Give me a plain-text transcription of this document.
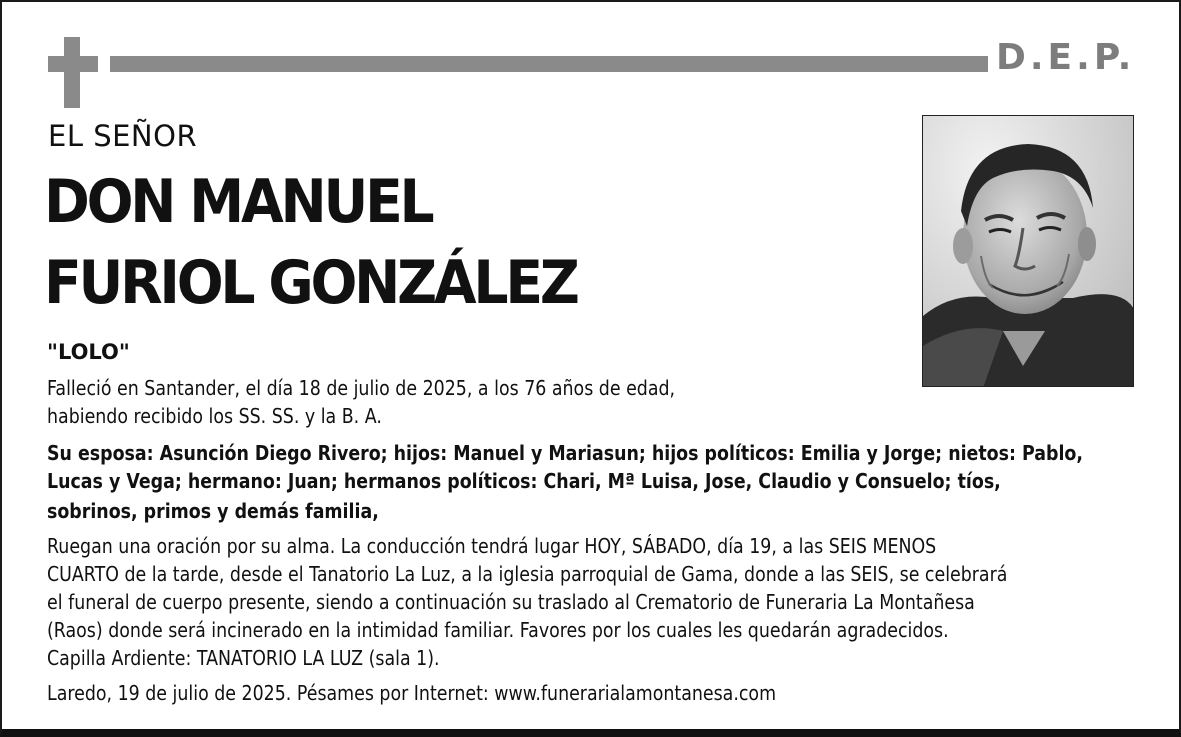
D.E.P.
EL SEÑOR
DON MANUEL
FURIOL GONZÁLEZ
"LOLO"
Falleció en Santander, el día 18 de julio de 2025, a los 76 años de edad,
habiendo recibido los SS. SS. y la B. A.
Su esposa: Asunción Diego Rivero; hijos: Manuel y Mariasun; hijos políticos: Emilia y Jorge; nietos: Pablo,
Lucas y Vega; hermano: Juan; hermanos políticos: Chari, Mª Luisa, Jose, Claudio y Consuelo; tíos,
sobrinos, primos y demás familia,
Ruegan una oración por su alma. La conducción tendrá lugar HOY, SÁBADO, día 19, a las SEIS MENOS
CUARTO de la tarde, desde el Tanatorio La Luz, a la iglesia parroquial de Gama, donde a las SEIS, se celebrará
el funeral de cuerpo presente, siendo a continuación su traslado al Crematorio de Funeraria La Montañesa
(Raos) donde será incinerado en la intimidad familiar. Favores por los cuales les quedarán agradecidos.
Capilla Ardiente: TANATORIO LA LUZ (sala 1).
Laredo, 19 de julio de 2025. Pésames por Internet: www.funerarialamontanesa.com
